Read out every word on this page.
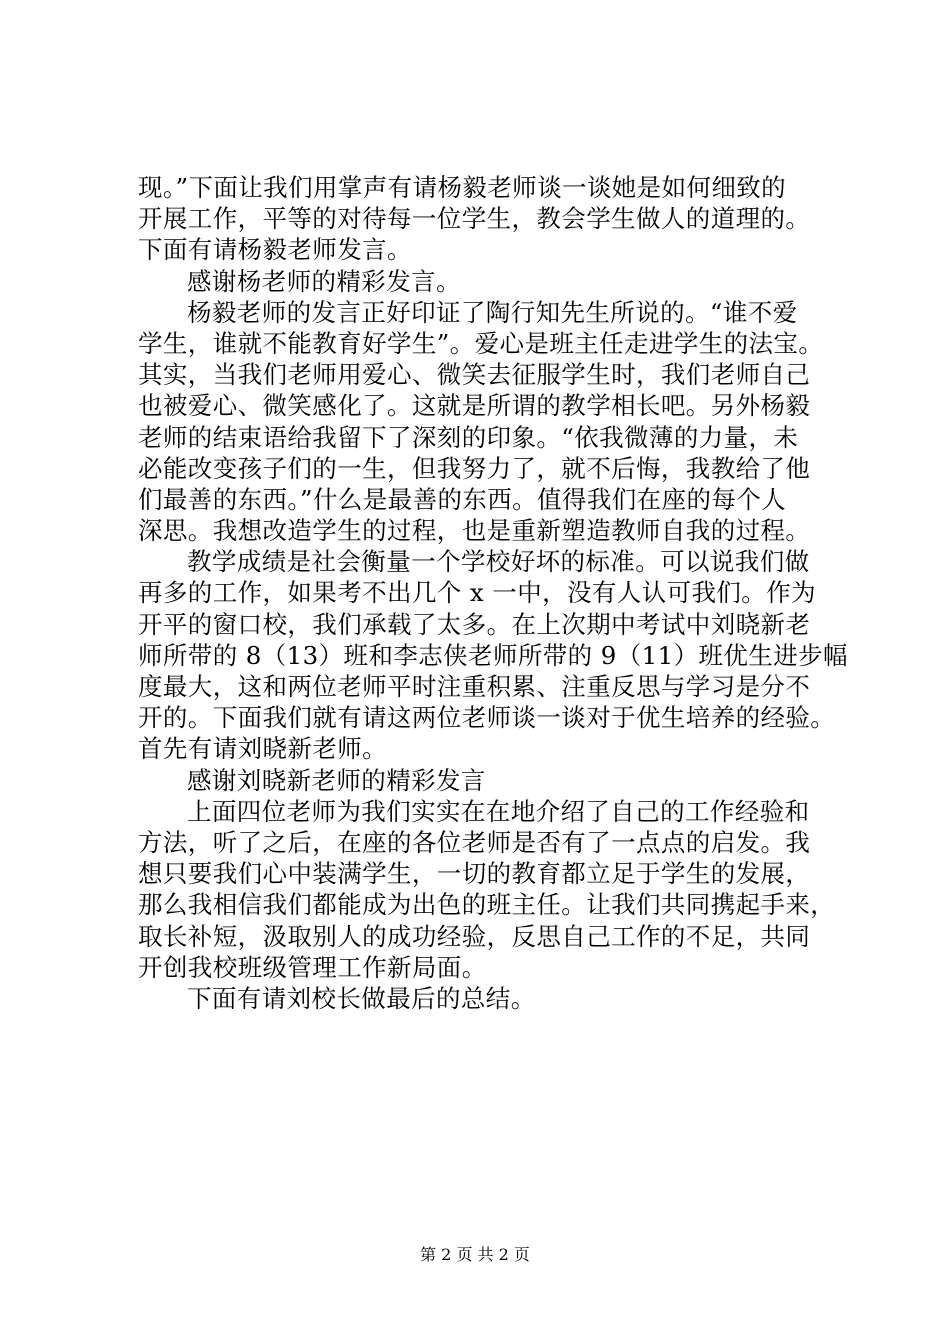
现。”下面让我们用掌声有请杨毅老师谈一谈她是如何细致的
开展工作，平等的对待每一位学生，教会学生做人的道理的。
下面有请杨毅老师发言。
感谢杨老师的精彩发言。
杨毅老师的发言正好印证了陶行知先生所说的。“谁不爱
学生，谁就不能教育好学生”。爱心是班主任走进学生的法宝。
其实，当我们老师用爱心、微笑去征服学生时，我们老师自己
也被爱心、微笑感化了。这就是所谓的教学相长吧。另外杨毅
老师的结束语给我留下了深刻的印象。“依我微薄的力量，未
必能改变孩子们的一生，但我努力了，就不后悔，我教给了他
们最善的东西。”什么是最善的东西。值得我们在座的每个人
深思。我想改造学生的过程，也是重新塑造教师自我的过程。
教学成绩是社会衡量一个学校好坏的标准。可以说我们做
再多的工作，如果考不出几个 x 一中，没有人认可我们。作为
开平的窗口校，我们承载了太多。在上次期中考试中刘晓新老
师所带的 8（13）班和李志侠老师所带的 9（11）班优生进步幅
度最大，这和两位老师平时注重积累、注重反思与学习是分不
开的。下面我们就有请这两位老师谈一谈对于优生培养的经验。
首先有请刘晓新老师。
感谢刘晓新老师的精彩发言
上面四位老师为我们实实在在地介绍了自己的工作经验和
方法，听了之后，在座的各位老师是否有了一点点的启发。我
想只要我们心中装满学生，一切的教育都立足于学生的发展，
那么我相信我们都能成为出色的班主任。让我们共同携起手来，
取长补短，汲取别人的成功经验，反思自己工作的不足，共同
开创我校班级管理工作新局面。
下面有请刘校长做最后的总结。
第 2 页 共 2 页
